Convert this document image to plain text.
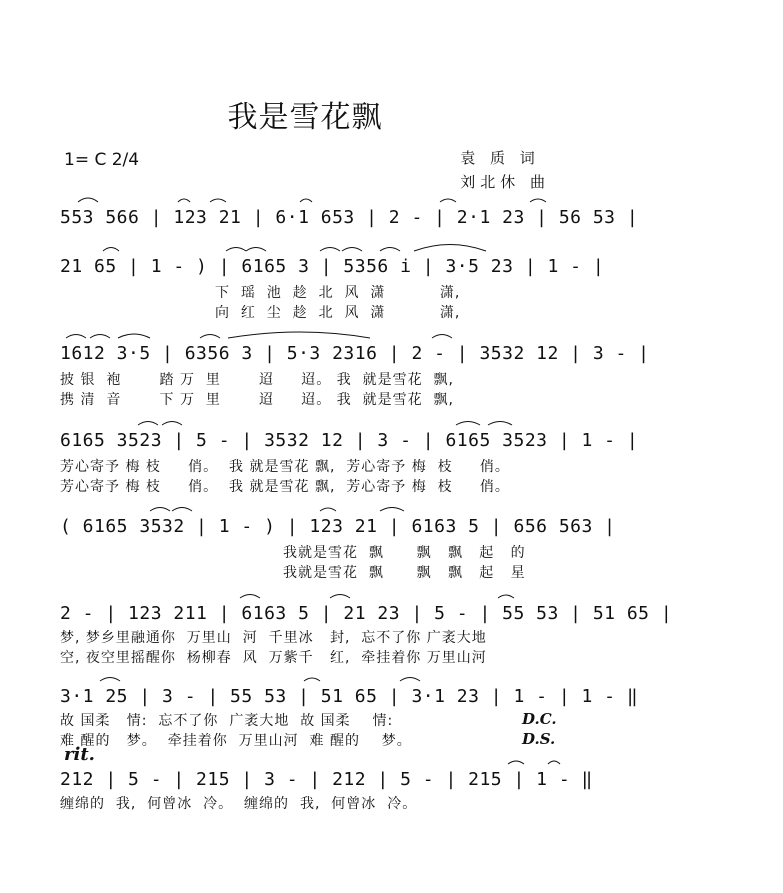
我是雪花飘
1= C 2/4	袁 质 词
刘北休 曲
553 566 | 123 21 | 6·1 653 | 2 - | 2·1 23 | 56 53 |
21 65 | 1 - ) | 6165 3 | 5356 i | 3·5 23 | 1 - |
下  瑶  池  趁  北  风  潇          潇,
向  红  尘  趁  北  风  潇          潇,
1612 3·5 | 6356 3 | 5·3 2316 | 2 - | 3532 12 | 3 - |
披 银  袍       踏 万  里       迢     迢。 我  就是雪花  飘,
携 清  音       下 万  里       迢     迢。 我  就是雪花  飘,
6165 3523 | 5 - | 3532 12 | 3 - | 6165 3523 | 1 - |
芳心寄予 梅 枝     俏。  我 就是雪花 飘,  芳心寄予 梅  枝     俏。
芳心寄予 梅 枝     俏。  我 就是雪花 飘,  芳心寄予 梅  枝     俏。
( 6165 3532 | 1 - ) | 123 21 | 6163 5 | 656 563 |
我就是雪花  飘      飘   飘   起   的
我就是雪花  飘      飘   飘   起   星
2 - | 123 211 | 6163 5 | 21 23 | 5 - | 55 53 | 51 65 |
梦, 梦乡里融通你  万里山  河  千里冰   封,  忘不了你 广袤大地
空, 夜空里摇醒你  杨柳春  风  万紫千   红,  牵挂着你 万里山河
3·1 25 | 3 - | 55 53 | 51 65 | 3·1 23 | 1 - | 1 - ‖
故 国柔   情:  忘不了你  广袤大地  故 国柔    情:
难 醒的   梦。  牵挂着你  万里山河  难 醒的    梦。
D.C.
D.S.
rit.
212 | 5 - | 215 | 3 - | 212 | 5 - | 215 | 1 - ‖
缠绵的  我,  何曾冰  冷。  缠绵的  我,  何曾冰  冷。
